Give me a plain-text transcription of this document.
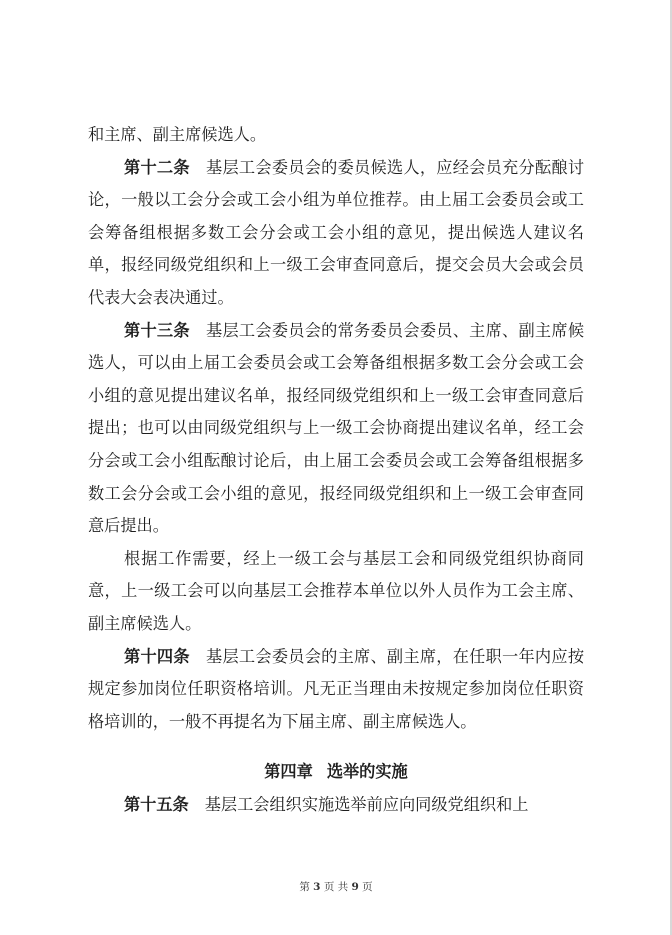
和主席、副主席候选人。

第十二条 基层工会委员会的委员候选人，应经会员充分酝酿讨论，一般以工会分会或工会小组为单位推荐。由上届工会委员会或工会筹备组根据多数工会分会或工会小组的意见，提出候选人建议名单，报经同级党组织和上一级工会审查同意后，提交会员大会或会员代表大会表决通过。

第十三条 基层工会委员会的常务委员会委员、主席、副主席候选人，可以由上届工会委员会或工会筹备组根据多数工会分会或工会小组的意见提出建议名单，报经同级党组织和上一级工会审查同意后提出；也可以由同级党组织与上一级工会协商提出建议名单，经工会分会或工会小组酝酿讨论后，由上届工会委员会或工会筹备组根据多数工会分会或工会小组的意见，报经同级党组织和上一级工会审查同意后提出。

根据工作需要，经上一级工会与基层工会和同级党组织协商同意，上一级工会可以向基层工会推荐本单位以外人员作为工会主席、副主席候选人。

第十四条 基层工会委员会的主席、副主席，在任职一年内应按规定参加岗位任职资格培训。凡无正当理由未按规定参加岗位任职资格培训的，一般不再提名为下届主席、副主席候选人。

第四章 选举的实施

第十五条 基层工会组织实施选举前应向同级党组织和上

第 3 页 共 9 页
